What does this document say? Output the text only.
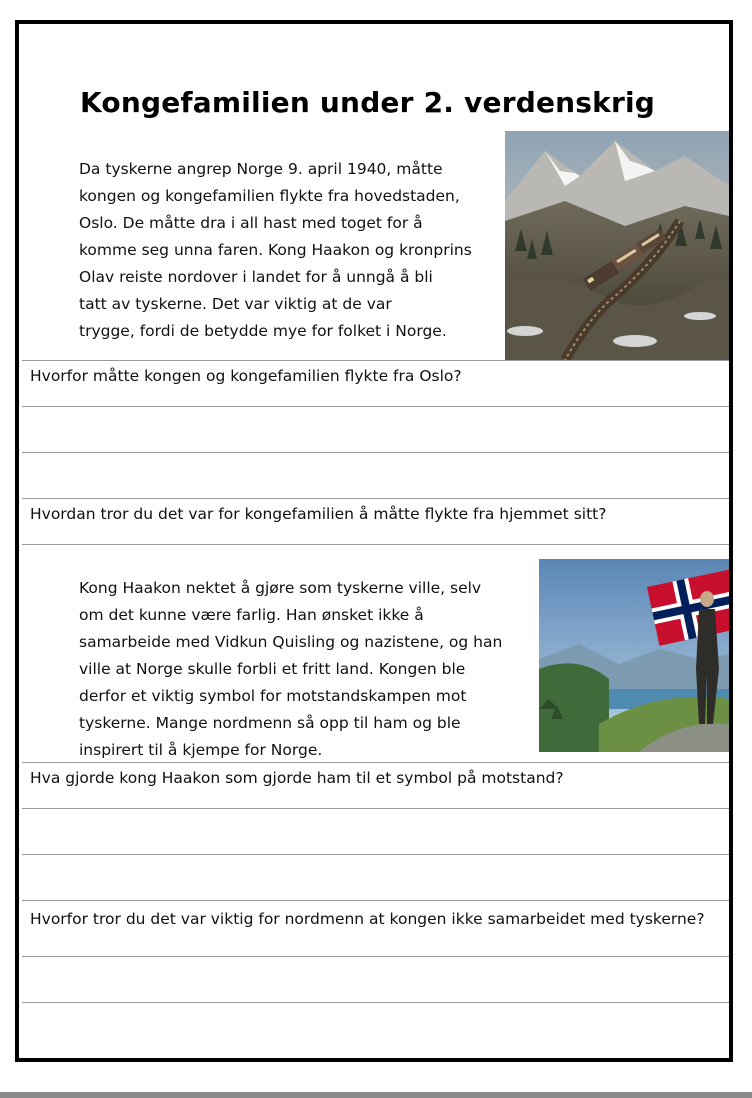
Kongefamilien under 2. verdenskrig
Da tyskerne angrep Norge 9. april 1940, måtte
kongen og kongefamilien flykte fra hovedstaden,
Oslo. De måtte dra i all hast med toget for å
komme seg unna faren. Kong Haakon og kronprins
Olav reiste nordover i landet for å unngå å bli
tatt av tyskerne. Det var viktig at de var
trygge, fordi de betydde mye for folket i Norge.
Hvorfor måtte kongen og kongefamilien flykte fra Oslo?
Hvordan tror du det var for kongefamilien å måtte flykte fra hjemmet sitt?
Kong Haakon nektet å gjøre som tyskerne ville, selv
om det kunne være farlig. Han ønsket ikke å
samarbeide med Vidkun Quisling og nazistene, og han
ville at Norge skulle forbli et fritt land. Kongen ble
derfor et viktig symbol for motstandskampen mot
tyskerne. Mange nordmenn så opp til ham og ble
inspirert til å kjempe for Norge.
Hva gjorde kong Haakon som gjorde ham til et symbol på motstand?
Hvorfor tror du det var viktig for nordmenn at kongen ikke samarbeidet med tyskerne?
